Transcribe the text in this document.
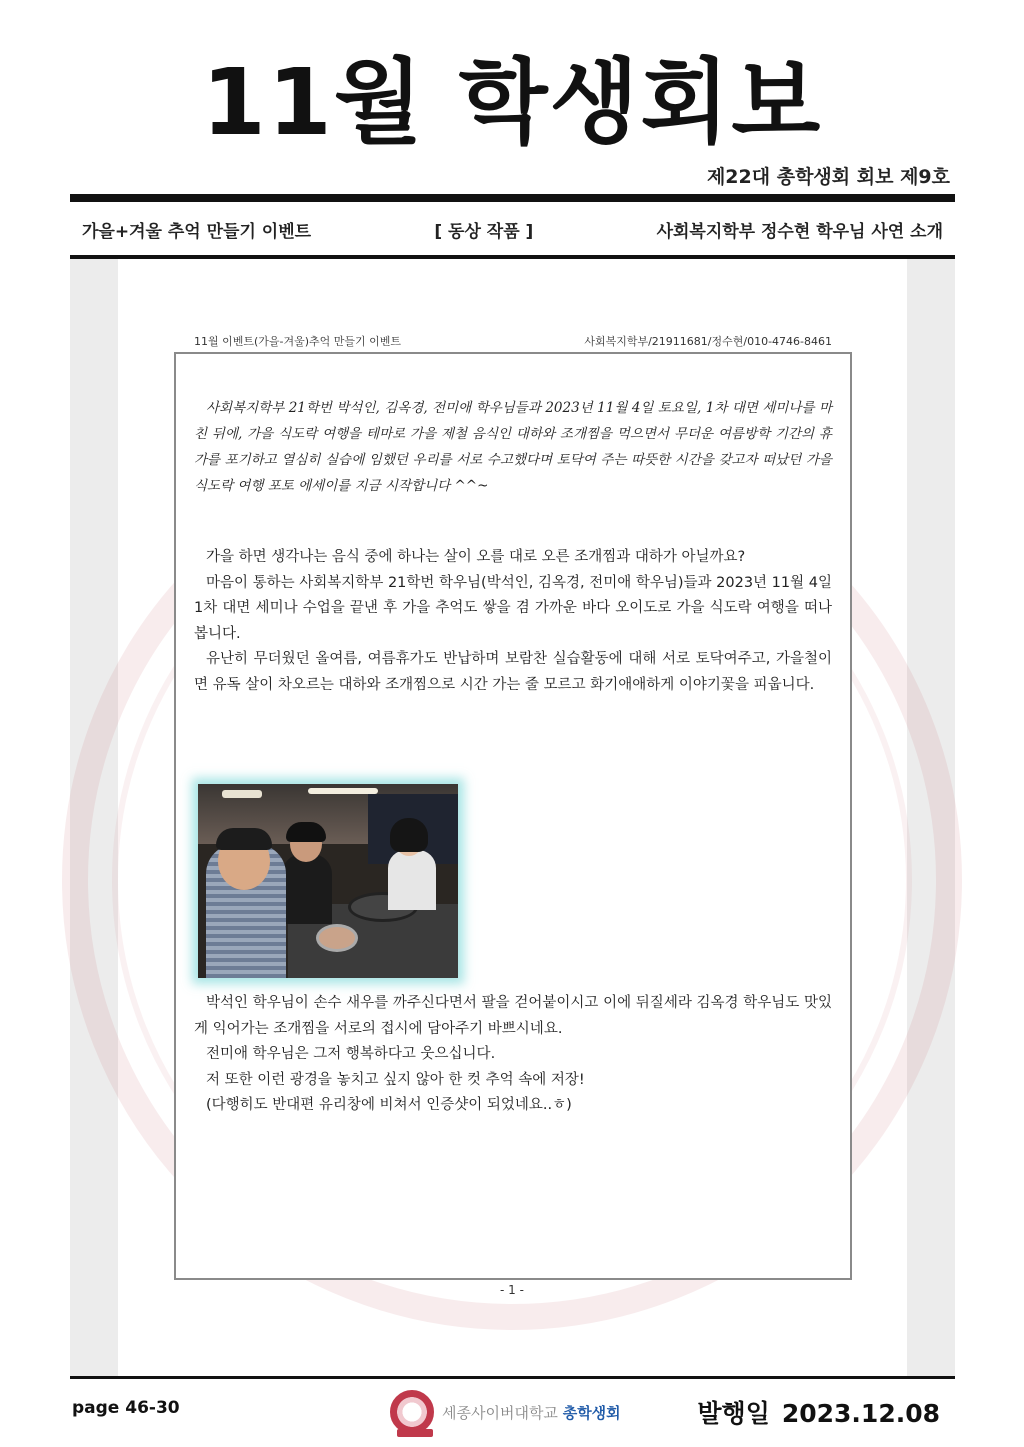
11월 학생회보
제22대 총학생회 회보 제9호
가을+겨울 추억 만들기 이벤트	[ 동상 작품 ]	사회복지학부 정수현 학우님 사연 소개
11월 이벤트(가을-겨울)추억 만들기 이벤트	사회복지학부/21911681/정수현/010-4746-8461
사회복지학부 21학번 박석인, 김옥경, 전미애 학우님들과 2023년 11월 4일 토요일, 1차 대면 세미나를 마친 뒤에, 가을 식도락 여행을 테마로 가을 제철 음식인 대하와 조개찜을 먹으면서 무더운 여름방학 기간의 휴가를 포기하고 열심히 실습에 임했던 우리를 서로 수고했다며 토닥여 주는 따뜻한 시간을 갖고자 떠났던 가을 식도락 여행 포토 에세이를 지금 시작합니다 ^^~

가을 하면 생각나는 음식 중에 하나는 살이 오를 대로 오른 조개찜과 대하가 아닐까요?

마음이 통하는 사회복지학부 21학번 학우님(박석인, 김옥경, 전미애 학우님)들과 2023년 11월 4일 1차 대면 세미나 수업을 끝낸 후 가을 추억도 쌓을 겸 가까운 바다 오이도로 가을 식도락 여행을 떠나봅니다.

유난히 무더웠던 올여름, 여름휴가도 반납하며 보람찬 실습활동에 대해 서로 토닥여주고, 가을철이면 유독 살이 차오르는 대하와 조개찜으로 시간 가는 줄 모르고 화기애애하게 이야기꽃을 피웁니다.

박석인 학우님이 손수 새우를 까주신다면서 팔을 걷어붙이시고 이에 뒤질세라 김옥경 학우님도 맛있게 익어가는 조개찜을 서로의 접시에 담아주기 바쁘시네요.

전미애 학우님은 그저 행복하다고 웃으십니다.

저 또한 이런 광경을 놓치고 싶지 않아 한 컷 추억 속에 저장!

(다행히도 반대편 유리창에 비쳐서 인증샷이 되었네요..ㅎ)

- 1 -
page 46-30	세종사이버대학교 총학생회	발행일 2023.12.08
